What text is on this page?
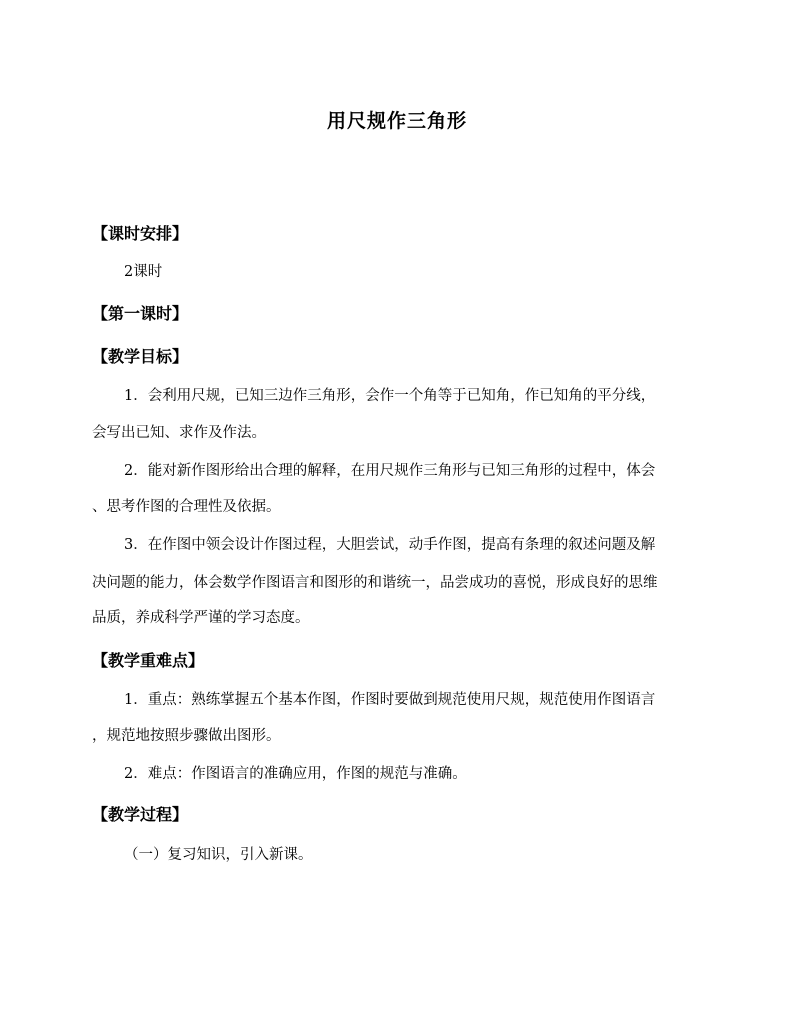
用尺规作三角形
【课时安排】
2课时
【第一课时】
【教学目标】
1．会利用尺规，已知三边作三角形，会作一个角等于已知角，作已知角的平分线，
会写出已知、求作及作法。
2．能对新作图形给出合理的解释，在用尺规作三角形与已知三角形的过程中，体会
、思考作图的合理性及依据。
3．在作图中领会设计作图过程，大胆尝试，动手作图，提高有条理的叙述问题及解
决问题的能力，体会数学作图语言和图形的和谐统一，品尝成功的喜悦，形成良好的思维
品质，养成科学严谨的学习态度。
【教学重难点】
1．重点：熟练掌握五个基本作图，作图时要做到规范使用尺规，规范使用作图语言
，规范地按照步骤做出图形。
2．难点：作图语言的准确应用，作图的规范与准确。
【教学过程】
（一）复习知识，引入新课。
